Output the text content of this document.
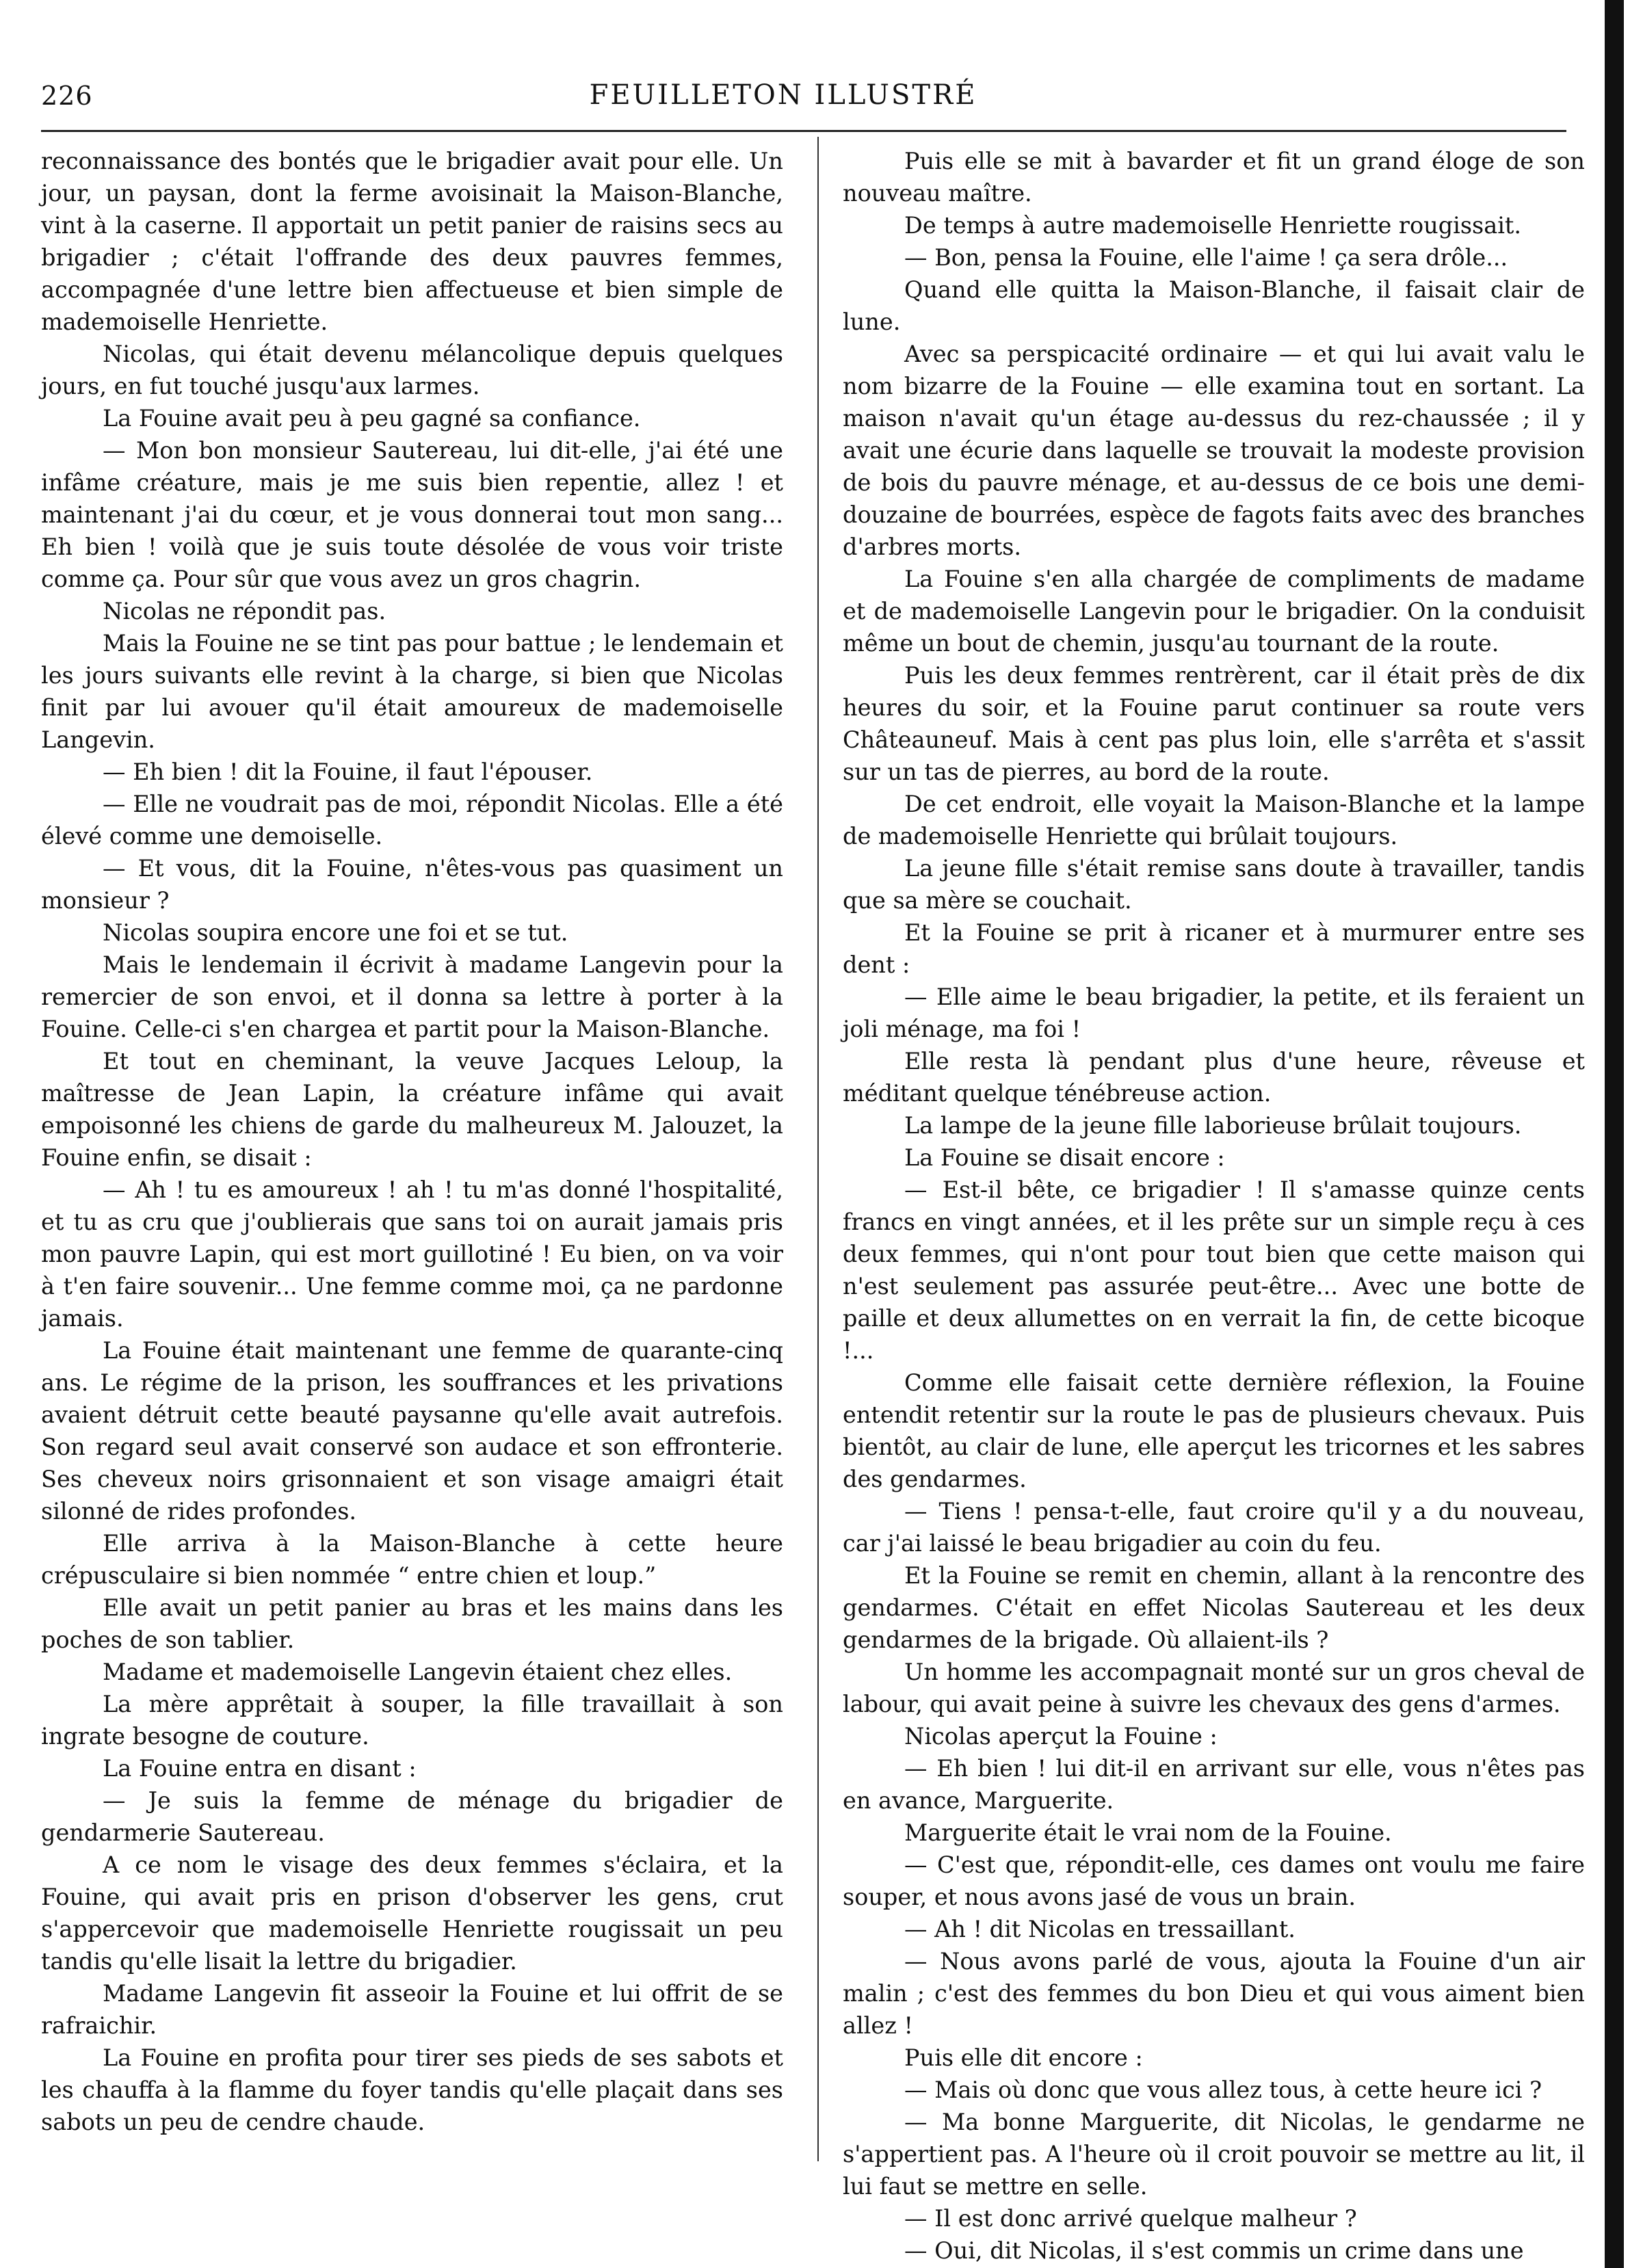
226	FEUILLETON ILLUSTRÉ

reconnaissance des bontés que le brigadier avait pour elle. Un jour, un paysan, dont la ferme avoisinait la Maison-Blanche, vint à la caserne. Il apportait un petit panier de raisins secs au brigadier ; c'était l'offrande des deux pauvres femmes, accompagnée d'une lettre bien affectueuse et bien simple de mademoiselle Henriette.

Nicolas, qui était devenu mélancolique depuis quelques jours, en fut touché jusqu'aux larmes.

La Fouine avait peu à peu gagné sa confiance.

— Mon bon monsieur Sautereau, lui dit-elle, j'ai été une infâme créature, mais je me suis bien repentie, allez ! et maintenant j'ai du cœur, et je vous donnerai tout mon sang... Eh bien ! voilà que je suis toute désolée de vous voir triste comme ça. Pour sûr que vous avez un gros chagrin.

Nicolas ne répondit pas.

Mais la Fouine ne se tint pas pour battue ; le lendemain et les jours suivants elle revint à la charge, si bien que Nicolas finit par lui avouer qu'il était amoureux de mademoiselle Langevin.

— Eh bien ! dit la Fouine, il faut l'épouser.

— Elle ne voudrait pas de moi, répondit Nicolas. Elle a été élevé comme une demoiselle.

— Et vous, dit la Fouine, n'êtes-vous pas quasiment un monsieur ?

Nicolas soupira encore une foi et se tut.

Mais le lendemain il écrivit à madame Langevin pour la remercier de son envoi, et il donna sa lettre à porter à la Fouine. Celle-ci s'en chargea et partit pour la Maison-Blanche.

Et tout en cheminant, la veuve Jacques Leloup, la maîtresse de Jean Lapin, la créature infâme qui avait empoisonné les chiens de garde du malheureux M. Jalouzet, la Fouine enfin, se disait :

— Ah ! tu es amoureux ! ah ! tu m'as donné l'hospitalité, et tu as cru que j'oublierais que sans toi on aurait jamais pris mon pauvre Lapin, qui est mort guillotiné ! Eu bien, on va voir à t'en faire souvenir... Une femme comme moi, ça ne pardonne jamais.

La Fouine était maintenant une femme de quarante-cinq ans. Le régime de la prison, les souffrances et les privations avaient détruit cette beauté paysanne qu'elle avait autrefois. Son regard seul avait conservé son audace et son effronterie. Ses cheveux noirs grisonnaient et son visage amaigri était silonné de rides profondes.

Elle arriva à la Maison-Blanche à cette heure crépusculaire si bien nommée “ entre chien et loup.”

Elle avait un petit panier au bras et les mains dans les poches de son tablier.

Madame et mademoiselle Langevin étaient chez elles.

La mère apprêtait à souper, la fille travaillait à son ingrate besogne de couture.

La Fouine entra en disant :

— Je suis la femme de ménage du brigadier de gendarmerie Sautereau.

A ce nom le visage des deux femmes s'éclaira, et la Fouine, qui avait pris en prison d'observer les gens, crut s'appercevoir que mademoiselle Henriette rougissait un peu tandis qu'elle lisait la lettre du brigadier.

Madame Langevin fit asseoir la Fouine et lui offrit de se rafraichir.

La Fouine en profita pour tirer ses pieds de ses sabots et les chauffa à la flamme du foyer tandis qu'elle plaçait dans ses sabots un peu de cendre chaude.

Puis elle se mit à bavarder et fit un grand éloge de son nouveau maître.

De temps à autre mademoiselle Henriette rougissait.

— Bon, pensa la Fouine, elle l'aime ! ça sera drôle...

Quand elle quitta la Maison-Blanche, il faisait clair de lune.

Avec sa perspicacité ordinaire — et qui lui avait valu le nom bizarre de la Fouine — elle examina tout en sortant. La maison n'avait qu'un étage au-dessus du rez-chaussée ; il y avait une écurie dans laquelle se trouvait la modeste provision de bois du pauvre ménage, et au-dessus de ce bois une demi-douzaine de bourrées, espèce de fagots faits avec des branches d'arbres morts.

La Fouine s'en alla chargée de compliments de madame et de mademoiselle Langevin pour le brigadier. On la conduisit même un bout de chemin, jusqu'au tournant de la route.

Puis les deux femmes rentrèrent, car il était près de dix heures du soir, et la Fouine parut continuer sa route vers Châteauneuf. Mais à cent pas plus loin, elle s'arrêta et s'assit sur un tas de pierres, au bord de la route.

De cet endroit, elle voyait la Maison-Blanche et la lampe de mademoiselle Henriette qui brûlait toujours.

La jeune fille s'était remise sans doute à travailler, tandis que sa mère se couchait.

Et la Fouine se prit à ricaner et à murmurer entre ses dent :

— Elle aime le beau brigadier, la petite, et ils feraient un joli ménage, ma foi !

Elle resta là pendant plus d'une heure, rêveuse et méditant quelque ténébreuse action.

La lampe de la jeune fille laborieuse brûlait toujours.

La Fouine se disait encore :

— Est-il bête, ce brigadier ! Il s'amasse quinze cents francs en vingt années, et il les prête sur un simple reçu à ces deux femmes, qui n'ont pour tout bien que cette maison qui n'est seulement pas assurée peut-être... Avec une botte de paille et deux allumettes on en verrait la fin, de cette bicoque !...

Comme elle faisait cette dernière réflexion, la Fouine entendit retentir sur la route le pas de plusieurs chevaux. Puis bientôt, au clair de lune, elle aperçut les tricornes et les sabres des gendarmes.

— Tiens ! pensa-t-elle, faut croire qu'il y a du nouveau, car j'ai laissé le beau brigadier au coin du feu.

Et la Fouine se remit en chemin, allant à la rencontre des gendarmes. C'était en effet Nicolas Sautereau et les deux gendarmes de la brigade. Où allaient-ils ?

Un homme les accompagnait monté sur un gros cheval de labour, qui avait peine à suivre les chevaux des gens d'armes.

Nicolas aperçut la Fouine :

— Eh bien ! lui dit-il en arrivant sur elle, vous n'êtes pas en avance, Marguerite.

Marguerite était le vrai nom de la Fouine.

— C'est que, répondit-elle, ces dames ont voulu me faire souper, et nous avons jasé de vous un brain.

— Ah ! dit Nicolas en tressaillant.

— Nous avons parlé de vous, ajouta la Fouine d'un air malin ; c'est des femmes du bon Dieu et qui vous aiment bien allez !

Puis elle dit encore :

— Mais où donc que vous allez tous, à cette heure ici ?

— Ma bonne Marguerite, dit Nicolas, le gendarme ne s'appertient pas. A l'heure où il croit pouvoir se mettre au lit, il lui faut se mettre en selle.

— Il est donc arrivé quelque malheur ?

— Oui, dit Nicolas, il s'est commis un crime dans une
